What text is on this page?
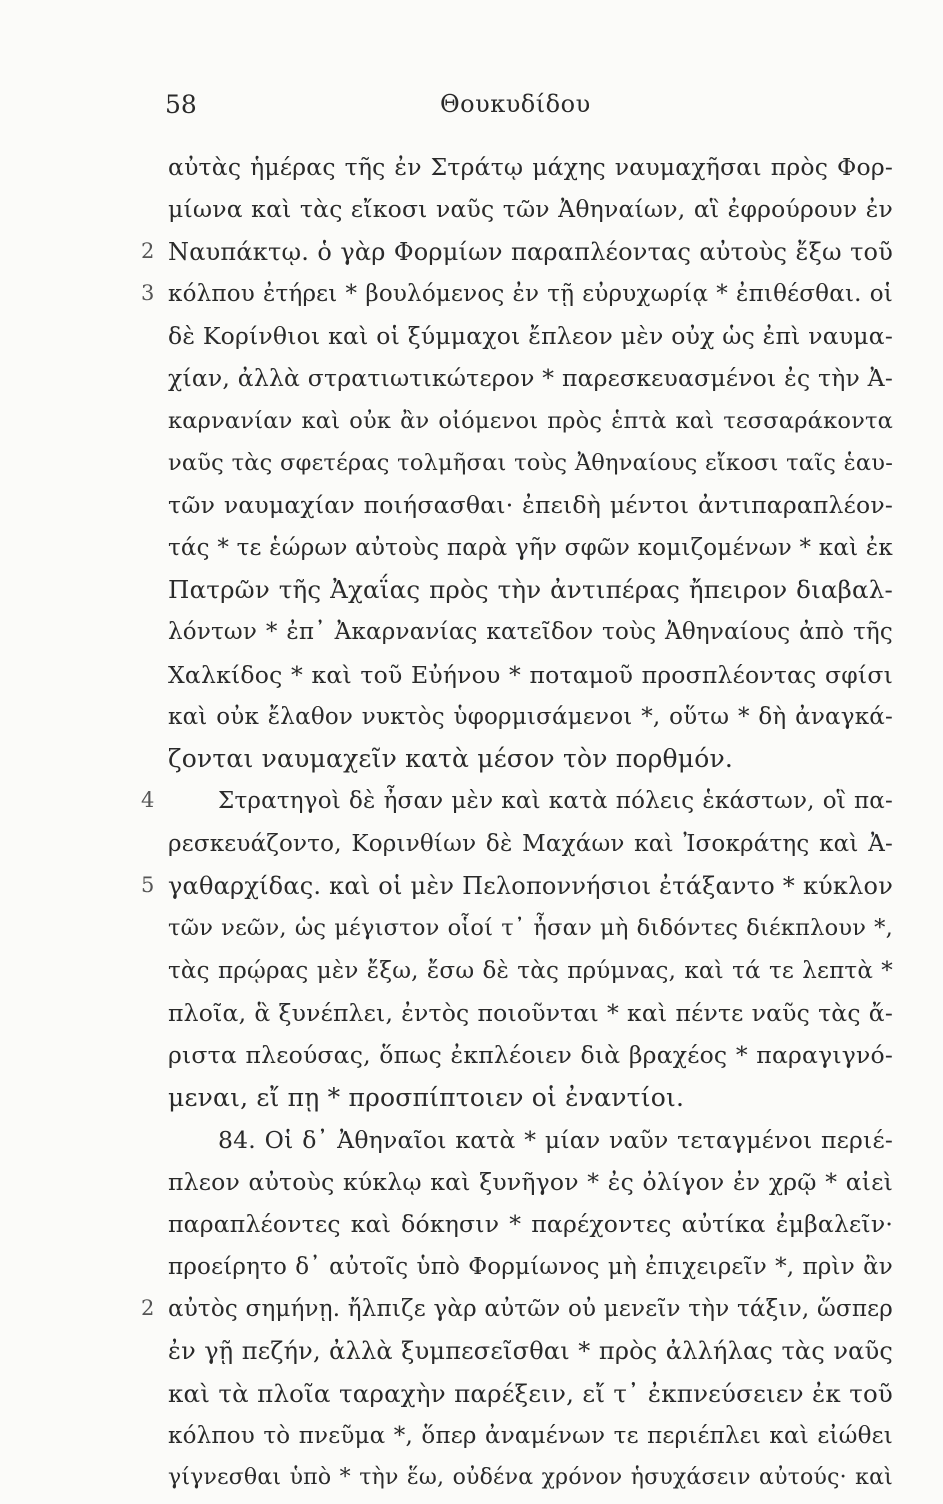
58	Θουκυδίδου
αὐτὰς ἡμέρας τῆς ἐν Στράτῳ μάχης ναυμαχῆσαι πρὸς Φορ-
μίωνα καὶ τὰς εἴκοσι ναῦς τῶν Ἀθηναίων, αἳ ἐφρούρουν ἐν
2 Ναυπάκτῳ. ὁ γὰρ Φορμίων παραπλέοντας αὐτοὺς ἔξω τοῦ
3 κόλπου ἐτήρει * βουλόμενος ἐν τῇ εὐρυχωρίᾳ * ἐπιθέσθαι. οἱ
δὲ Κορίνθιοι καὶ οἱ ξύμμαχοι ἔπλεον μὲν οὐχ ὡς ἐπὶ ναυμα-
χίαν, ἀλλὰ στρατιωτικώτερον * παρεσκευασμένοι ἐς τὴν Ἀ-
καρνανίαν καὶ οὐκ ἂν οἰόμενοι πρὸς ἑπτὰ καὶ τεσσαράκοντα
ναῦς τὰς σφετέρας τολμῆσαι τοὺς Ἀθηναίους εἴκοσι ταῖς ἑαυ-
τῶν ναυμαχίαν ποιήσασθαι· ἐπειδὴ μέντοι ἀντιπαραπλέον-
τάς * τε ἑώρων αὐτοὺς παρὰ γῆν σφῶν κομιζομένων * καὶ ἐκ
Πατρῶν τῆς Ἀχαΐας πρὸς τὴν ἀντιπέρας ἤπειρον διαβαλ-
λόντων * ἐπ᾽ Ἀκαρνανίας κατεῖδον τοὺς Ἀθηναίους ἀπὸ τῆς
Χαλκίδος * καὶ τοῦ Εὐήνου * ποταμοῦ προσπλέοντας σφίσι
καὶ οὐκ ἔλαθον νυκτὸς ὑφορμισάμενοι *, οὕτω * δὴ ἀναγκά-
ζονται ναυμαχεῖν κατὰ μέσον τὸν πορθμόν.
4	Στρατηγοὶ δὲ ἦσαν μὲν καὶ κατὰ πόλεις ἑκάστων, οἳ πα-
ρεσκευάζοντο, Κορινθίων δὲ Μαχάων καὶ Ἰσοκράτης καὶ Ἀ-
5 γαθαρχίδας. καὶ οἱ μὲν Πελοποννήσιοι ἐτάξαντο * κύκλον
τῶν νεῶν, ὡς μέγιστον οἷοί τ᾽ ἦσαν μὴ διδόντες διέκπλουν *,
τὰς πρῴρας μὲν ἔξω, ἔσω δὲ τὰς πρύμνας, καὶ τά τε λεπτὰ *
πλοῖα, ἃ ξυνέπλει, ἐντὸς ποιοῦνται * καὶ πέντε ναῦς τὰς ἄ-
ριστα πλεούσας, ὅπως ἐκπλέοιεν διὰ βραχέος * παραγιγνό-
μεναι, εἴ πῃ * προσπίπτοιεν οἱ ἐναντίοι.
84. Οἱ δ᾽ Ἀθηναῖοι κατὰ * μίαν ναῦν τεταγμένοι περιέ-
πλεον αὐτοὺς κύκλῳ καὶ ξυνῆγον * ἐς ὀλίγον ἐν χρῷ * αἰεὶ
παραπλέοντες καὶ δόκησιν * παρέχοντες αὐτίκα ἐμβαλεῖν·
προείρητο δ᾽ αὐτοῖς ὑπὸ Φορμίωνος μὴ ἐπιχειρεῖν *, πρὶν ἂν
2 αὐτὸς σημήνῃ. ἤλπιζε γὰρ αὐτῶν οὐ μενεῖν τὴν τάξιν, ὥσπερ
ἐν γῇ πεζήν, ἀλλὰ ξυμπεσεῖσθαι * πρὸς ἀλλήλας τὰς ναῦς
καὶ τὰ πλοῖα ταραχὴν παρέξειν, εἴ τ᾽ ἐκπνεύσειεν ἐκ τοῦ
κόλπου τὸ πνεῦμα *, ὅπερ ἀναμένων τε περιέπλει καὶ εἰώθει
γίγνεσθαι ὑπὸ * τὴν ἕω, οὐδένα χρόνον ἡσυχάσειν αὐτούς· καὶ
